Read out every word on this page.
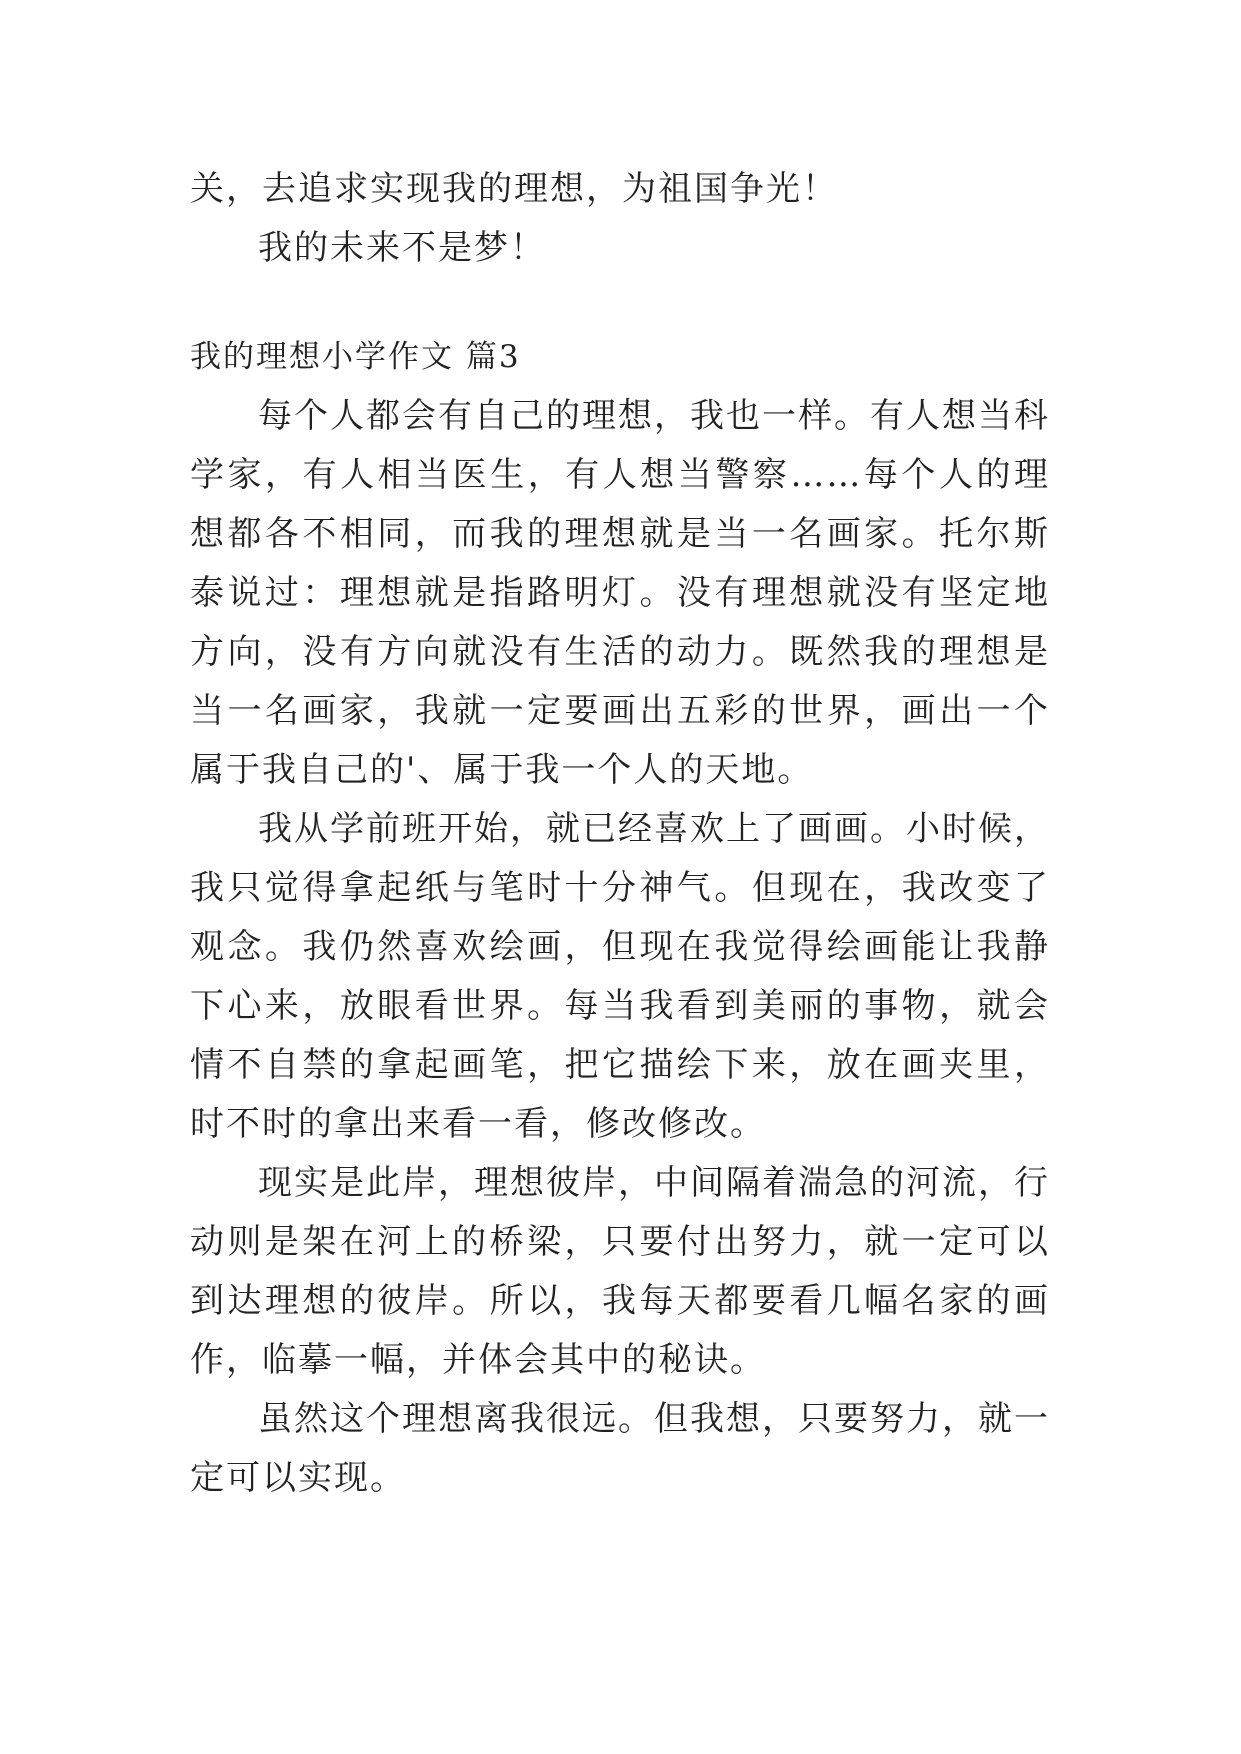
关，去追求实现我的理想，为祖国争光！

我的未来不是梦！

我的理想小学作文 篇3

每个人都会有自己的理想，我也一样。有人想当科学家，有人相当医生，有人想当警察……每个人的理想都各不相同，而我的理想就是当一名画家。托尔斯泰说过：理想就是指路明灯。没有理想就没有坚定地方向，没有方向就没有生活的动力。既然我的理想是当一名画家，我就一定要画出五彩的世界，画出一个属于我自己的'、属于我一个人的天地。

我从学前班开始，就已经喜欢上了画画。小时候，我只觉得拿起纸与笔时十分神气。但现在，我改变了观念。我仍然喜欢绘画，但现在我觉得绘画能让我静下心来，放眼看世界。每当我看到美丽的事物，就会情不自禁的拿起画笔，把它描绘下来，放在画夹里，时不时的拿出来看一看，修改修改。

现实是此岸，理想彼岸，中间隔着湍急的河流，行动则是架在河上的桥梁，只要付出努力，就一定可以到达理想的彼岸。所以，我每天都要看几幅名家的画作，临摹一幅，并体会其中的秘诀。

虽然这个理想离我很远。但我想，只要努力，就一定可以实现。
